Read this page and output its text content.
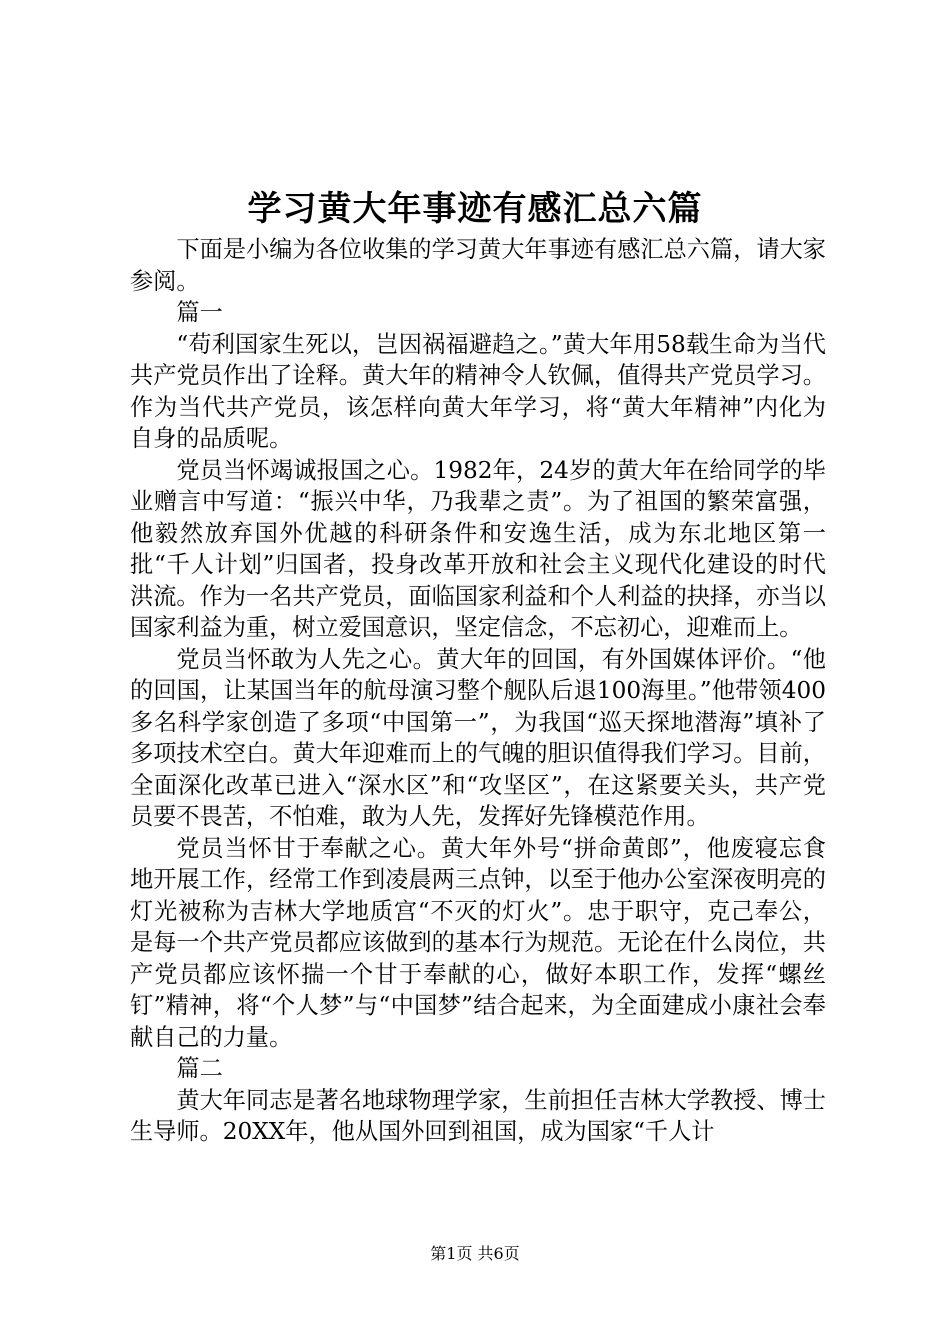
学习黄大年事迹有感汇总六篇

下面是小编为各位收集的学习黄大年事迹有感汇总六篇，请大家参阅。

篇一

“苟利国家生死以，岂因祸福避趋之。”黄大年用58载生命为当代共产党员作出了诠释。黄大年的精神令人钦佩，值得共产党员学习。作为当代共产党员，该怎样向黄大年学习，将“黄大年精神”内化为自身的品质呢。

党员当怀竭诚报国之心。1982年，24岁的黄大年在给同学的毕业赠言中写道：“振兴中华，乃我辈之责”。为了祖国的繁荣富强，他毅然放弃国外优越的科研条件和安逸生活，成为东北地区第一批“千人计划”归国者，投身改革开放和社会主义现代化建设的时代洪流。作为一名共产党员，面临国家利益和个人利益的抉择，亦当以国家利益为重，树立爱国意识，坚定信念，不忘初心，迎难而上。

党员当怀敢为人先之心。黄大年的回国，有外国媒体评价。“他的回国，让某国当年的航母演习整个舰队后退100海里。”他带领400多名科学家创造了多项“中国第一”，为我国“巡天探地潜海”填补了多项技术空白。黄大年迎难而上的气魄的胆识值得我们学习。目前，全面深化改革已进入“深水区”和“攻坚区”，在这紧要关头，共产党员要不畏苦，不怕难，敢为人先，发挥好先锋模范作用。

党员当怀甘于奉献之心。黄大年外号“拼命黄郎”，他废寝忘食地开展工作，经常工作到凌晨两三点钟，以至于他办公室深夜明亮的灯光被称为吉林大学地质宫“不灭的灯火”。忠于职守，克己奉公，是每一个共产党员都应该做到的基本行为规范。无论在什么岗位，共产党员都应该怀揣一个甘于奉献的心，做好本职工作，发挥“螺丝钉”精神，将“个人梦”与“中国梦”结合起来，为全面建成小康社会奉献自己的力量。

篇二

黄大年同志是著名地球物理学家，生前担任吉林大学教授、博士生导师。20XX年，他从国外回到祖国，成为国家“千人计

第1页 共6页
